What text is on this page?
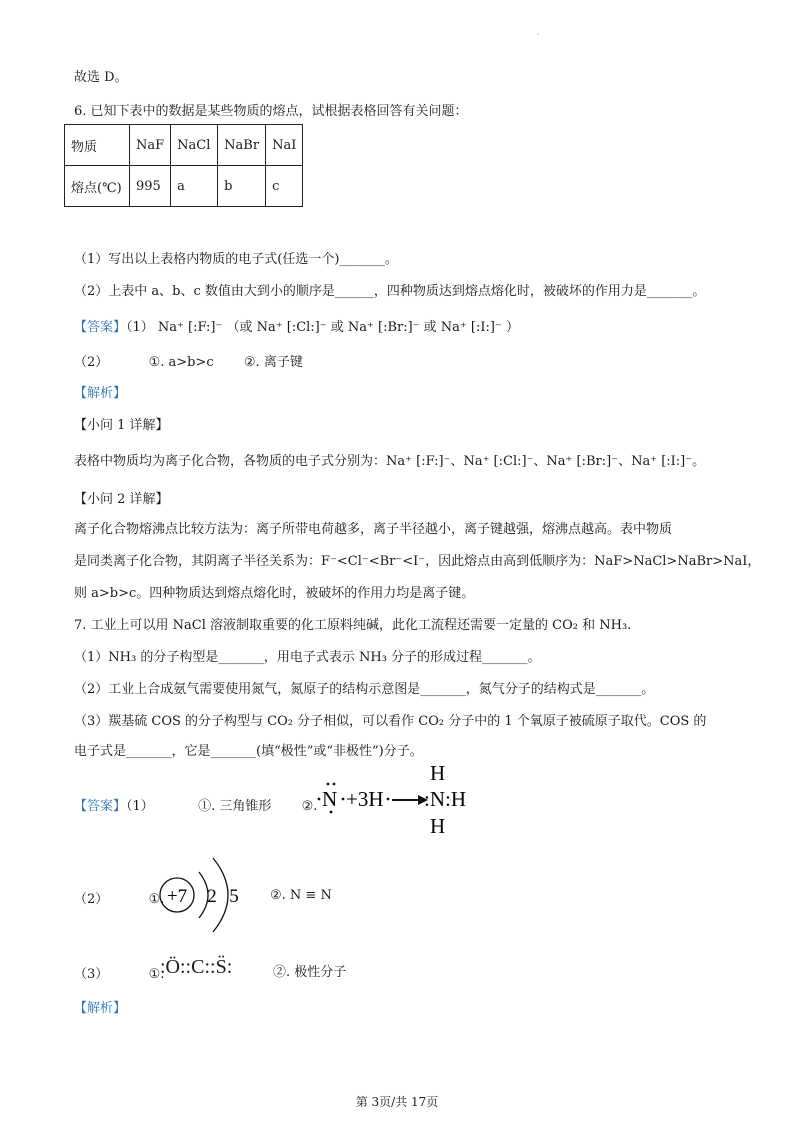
·
故选 D。
6. 已知下表中的数据是某些物质的熔点，试根据表格回答有关问题：
物质	NaF	NaCl	NaBr	NaI
熔点(℃)	995	a	b	c
（1）写出以上表格内物质的电子式(任选一个)_______。
（2）上表中 a、b、c 数值由大到小的顺序是______，四种物质达到熔点熔化时，被破坏的作用力是_______。
【答案】（1） Na⁺ [:F:]⁻ （或 Na⁺ [:Cl:]⁻ 或 Na⁺ [:Br:]⁻ 或 Na⁺ [:I:]⁻ ）
（2）	①. a>b>c ②. 离子键
【解析】
【小问 1 详解】
表格中物质均为离子化合物，各物质的电子式分别为：Na⁺ [:F:]⁻、Na⁺ [:Cl:]⁻、Na⁺ [:Br:]⁻、Na⁺ [:I:]⁻。
【小问 2 详解】
离子化合物熔沸点比较方法为：离子所带电荷越多，离子半径越小，离子键越强，熔沸点越高。表中物质
是同类离子化合物，其阴离子半径关系为：F⁻<Cl⁻<Br⁻<I⁻，因此熔点由高到低顺序为：NaF>NaCl>NaBr>NaI，
则 a>b>c。四种物质达到熔点熔化时，被破坏的作用力均是离子键。
7. 工业上可以用 NaCl 溶液制取重要的化工原料纯碱，此化工流程还需要一定量的 CO₂ 和 NH₃.
（1）NH₃ 的分子构型是_______，用电子式表示 NH₃ 分子的形成过程_______。
（2）工业上合成氨气需要使用氮气，氮原子的结构示意图是_______，氮气分子的结构式是_______。
（3）羰基硫 COS 的分子构型与 CO₂ 分子相似，可以看作 CO₂ 分子中的 1 个氧原子被硫原子取代。COS 的
电子式是_______，它是_______(填“极性”或“非极性”)分子。
【答案】（1）	①. 三角锥形 ②. N +3H
H
:N:H
H
（2）	①. +7 2 5 ②. N ≡ N
（3）	①.
:Ö::C::S̈:	②. 极性分子
【解析】
第 3页/共 17页
